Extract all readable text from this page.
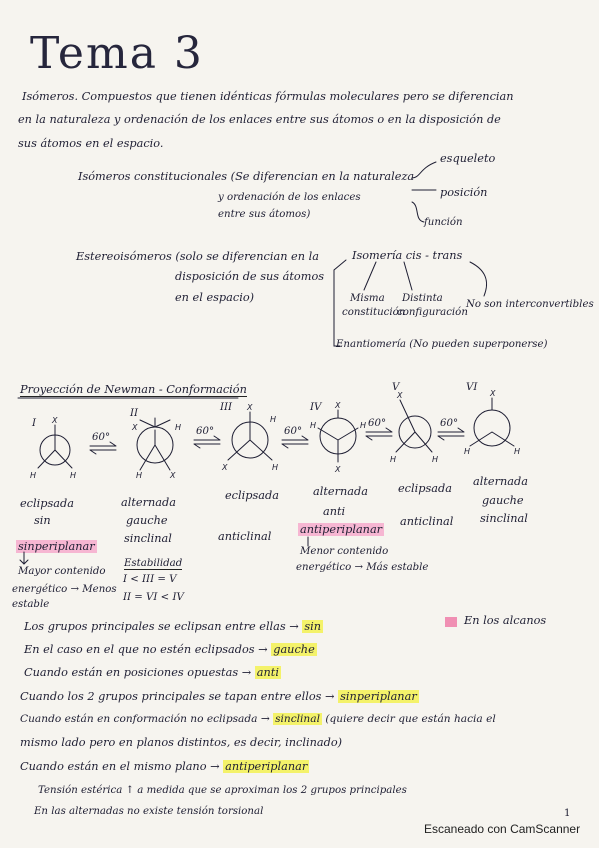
Tema 3
Isómeros. Compuestos que tienen idénticas fórmulas moleculares pero se diferencian
en la naturaleza y ordenación de los enlaces entre sus átomos o en la disposición de
sus átomos en el espacio.
Isómeros constitucionales (Se diferencian en la naturaleza
y ordenación de los enlaces
entre sus átomos)
esqueleto
posición
función
Estereoisómeros (solo se diferencian en la
disposición de sus átomos
en el espacio)
Isomería cis - trans
Misma
constitución
Distinta
configuración
No son interconvertibles
Enantiomería (No pueden superponerse)
Proyección de Newman - Conformación
I
II
III	IV
V	VI
60°
60°	60°
60°	60°
eclipsada
sin
alternada
gauche
sinclinal
eclipsada
anticlinal
alternada
anti
eclipsada
anticlinal
alternada
gauche
sinclinal
sinperiplanar
Mayor contenido
energético → Menos
estable
Estabilidad
I < III = V
II = VI < IV
antiperiplanar
Menor contenido
energético → Más estable
Los grupos principales se eclipsan entre ellas → sin
En el caso en el que no estén eclipsados → gauche
Cuando están en posiciones opuestas → anti
Cuando los 2 grupos principales se tapan entre ellos → sinperiplanar
Cuando están en conformación no eclipsada → sinclinal (quiere decir que están hacia el
mismo lado pero en planos distintos, es decir, inclinado)
Cuando están en el mismo plano → antiperiplanar
En los alcanos
Tensión estérica ↑ a medida que se aproximan los 2 grupos principales
En las alternadas no existe tensión torsional	1
Escaneado con CamScanner
X
H	H
X	H
H	X
X
X	H
H
X
X
H	H
X
H	H
X
H	H
